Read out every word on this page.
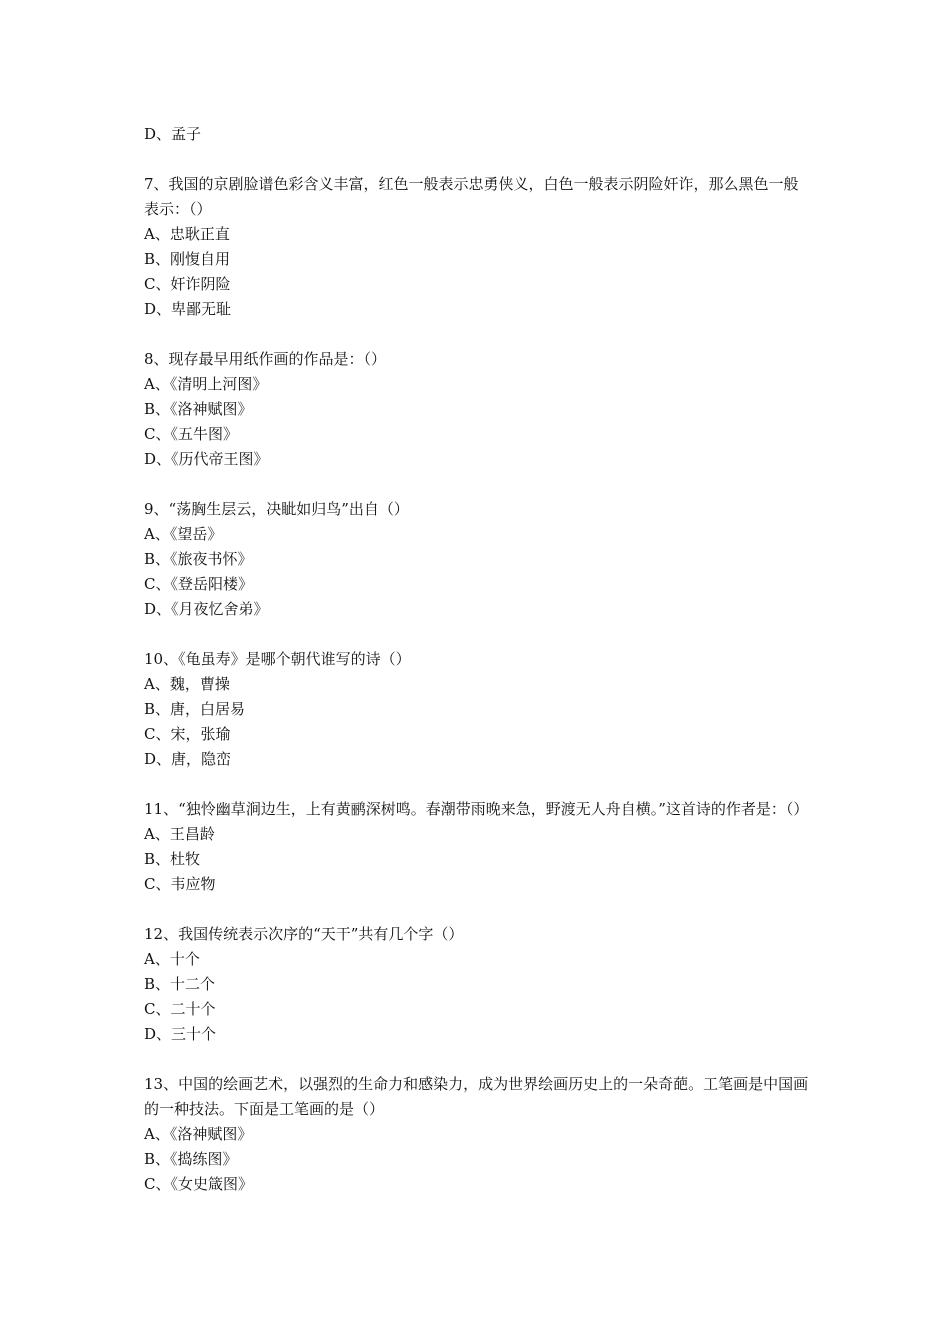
D、孟子
7、我国的京剧脸谱色彩含义丰富，红色一般表示忠勇侠义，白色一般表示阴险奸诈，那么黑色一般表示：（）
A、忠耿正直
B、刚愎自用
C、奸诈阴险
D、卑鄙无耻
8、现存最早用纸作画的作品是：（）
A、《清明上河图》
B、《洛神赋图》
C、《五牛图》
D、《历代帝王图》
9、“荡胸生层云，决眦如归鸟”出自（）
A、《望岳》
B、《旅夜书怀》
C、《登岳阳楼》
D、《月夜忆舍弟》
10、《龟虽寿》是哪个朝代谁写的诗（）
A、魏，曹操
B、唐，白居易
C、宋，张瑜
D、唐，隐峦
11、“独怜幽草涧边生，上有黄鹂深树鸣。春潮带雨晚来急，野渡无人舟自横。”这首诗的作者是：（）
A、王昌龄
B、杜牧
C、韦应物
12、我国传统表示次序的“天干”共有几个字（）
A、十个
B、十二个
C、二十个
D、三十个
13、中国的绘画艺术，以强烈的生命力和感染力，成为世界绘画历史上的一朵奇葩。工笔画是中国画的一种技法。下面是工笔画的是（）
A、《洛神赋图》
B、《捣练图》
C、《女史箴图》
